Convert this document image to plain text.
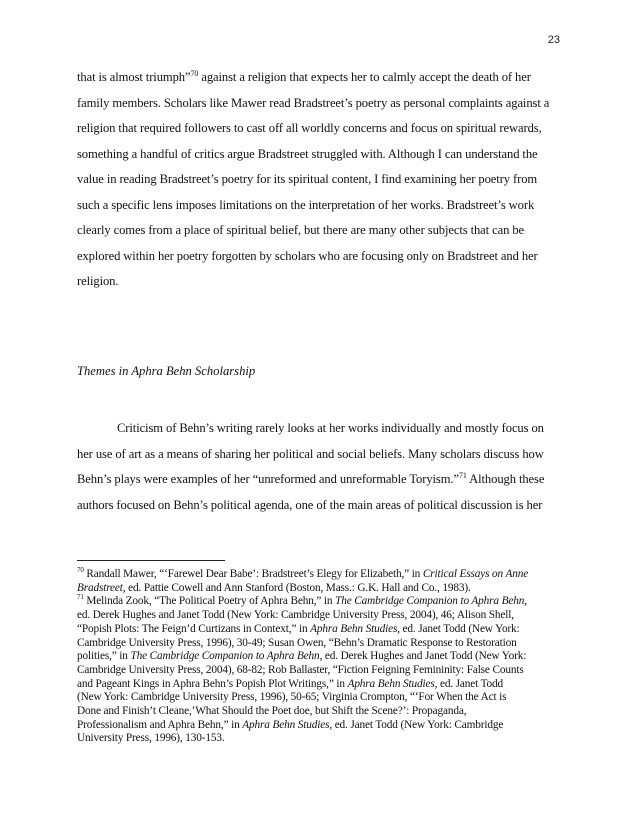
23
that is almost triumph”$^{70}$ against a religion that expects her to calmly accept the death of her
family members. Scholars like Mawer read Bradstreet’s poetry as personal complaints against a
religion that required followers to cast off all worldly concerns and focus on spiritual rewards,
something a handful of critics argue Bradstreet struggled with. Although I can understand the
value in reading Bradstreet’s poetry for its spiritual content, I find examining her poetry from
such a specific lens imposes limitations on the interpretation of her works. Bradstreet’s work
clearly comes from a place of spiritual belief, but there are many other subjects that can be
explored within her poetry forgotten by scholars who are focusing only on Bradstreet and her
religion.
Themes in Aphra Behn Scholarship
Criticism of Behn’s writing rarely looks at her works individually and mostly focus on
her use of art as a means of sharing her political and social beliefs. Many scholars discuss how
Behn’s plays were examples of her “unreformed and unreformable Toryism.”$^{71}$ Although these
authors focused on Behn’s political agenda, one of the main areas of political discussion is her
$^{70}$ Randall Mawer, “‘Farewel Dear Babe’: Bradstreet’s Elegy for Elizabeth,” in Critical Essays on Anne
Bradstreet, ed. Pattie Cowell and Ann Stanford (Boston, Mass.: G.K. Hall and Co., 1983).
$^{71}$ Melinda Zook, “The Political Poetry of Aphra Behn,” in The Cambridge Companion to Aphra Behn,
ed. Derek Hughes and Janet Todd (New York: Cambridge University Press, 2004), 46; Alison Shell,
“Popish Plots: The Feign’d Curtizans in Context,” in Aphra Behn Studies, ed. Janet Todd (New York:
Cambridge University Press, 1996), 30-49; Susan Owen, “Behn’s Dramatic Response to Restoration
polities,” in The Cambridge Companion to Aphra Behn, ed. Derek Hughes and Janet Todd (New York:
Cambridge University Press, 2004), 68-82; Rob Ballaster, “Fiction Feigning Femininity: False Counts
and Pageant Kings in Aphra Behn’s Popish Plot Writings,” in Aphra Behn Studies, ed. Janet Todd
(New York: Cambridge University Press, 1996), 50-65; Virginia Crompton, “‘For When the Act is
Done and Finish’t Cleane,’What Should the Poet doe, but Shift the Scene?’: Propaganda,
Professionalism and Aphra Behn,” in Aphra Behn Studies, ed. Janet Todd (New York: Cambridge
University Press, 1996), 130-153.
